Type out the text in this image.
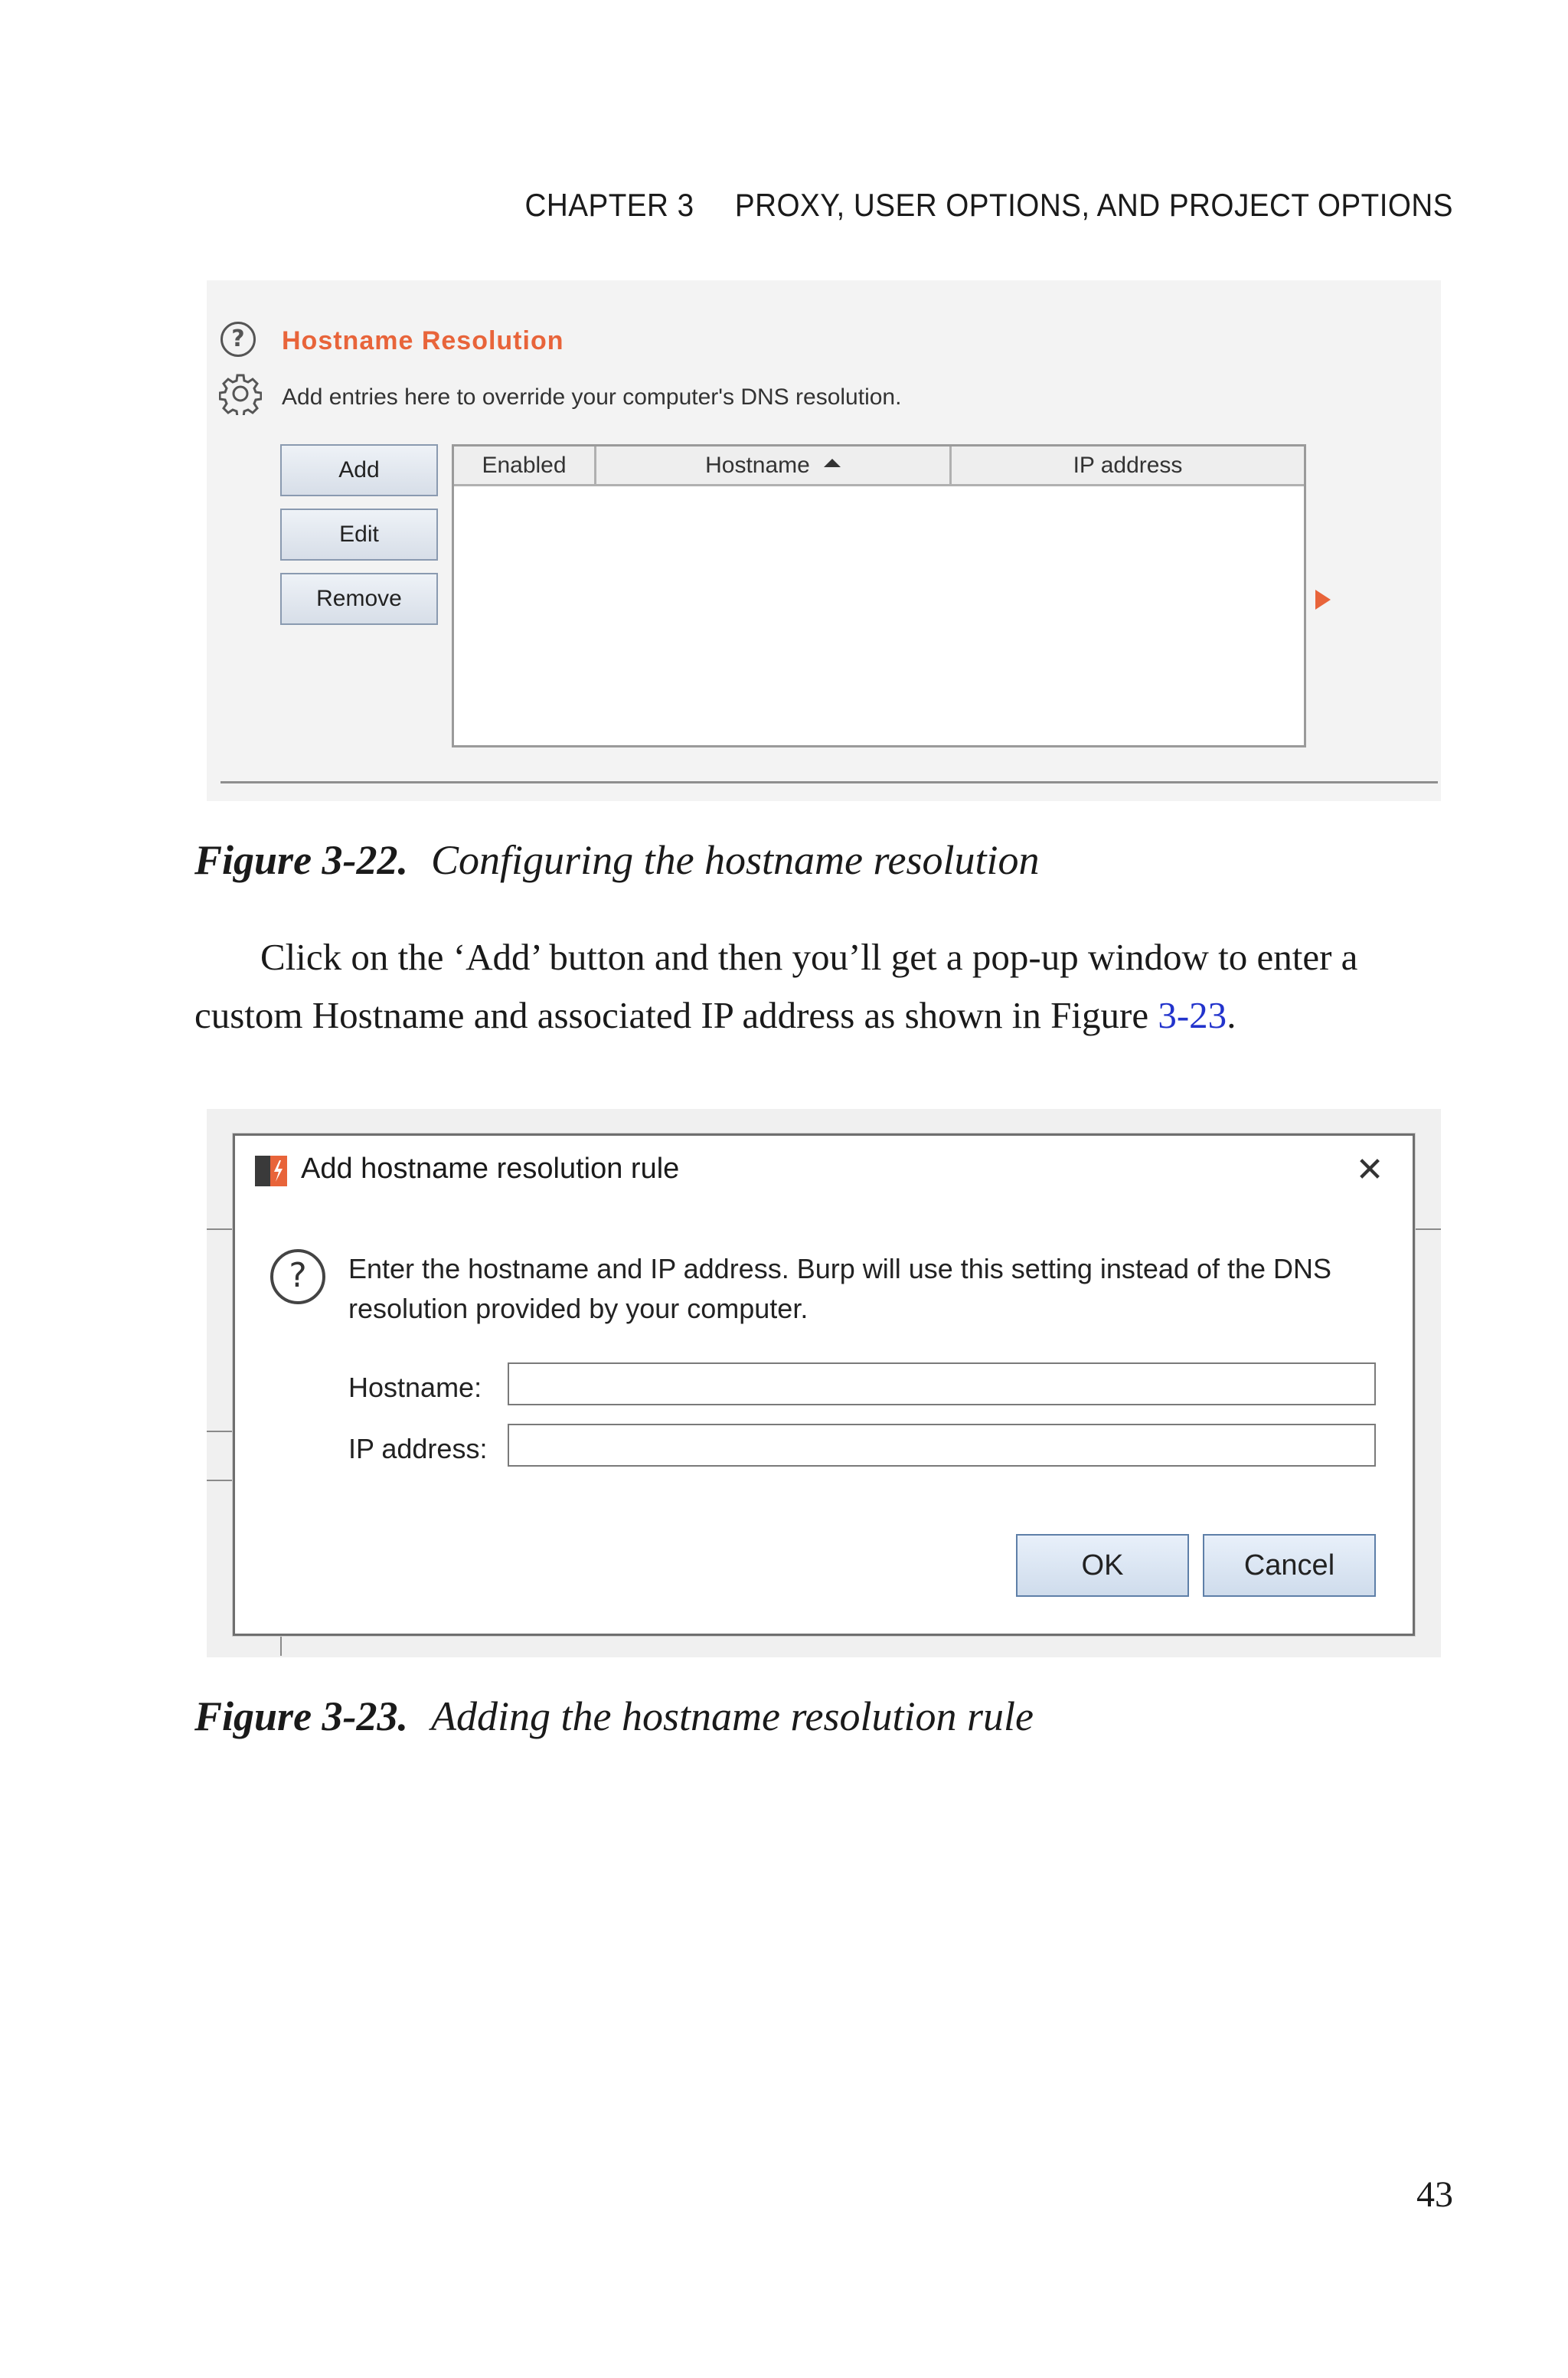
CHAPTER 3 PROXY, USER OPTIONS, AND PROJECT OPTIONS
?	Hostname Resolution
Add entries here to override your computer's DNS resolution.
Add
Edit
Remove
Enabled	Hostname	IP address
Figure 3-22. Configuring the hostname resolution
Click on the ‘Add’ button and then you’ll get a pop-up window to enter a custom Hostname and associated IP address as shown in Figure 3-23.
Add hostname resolution rule	✕
?	Enter the hostname and IP address. Burp will use this setting instead of the DNS resolution provided by your computer.
Hostname:
IP address:
OK	Cancel
Figure 3-23. Adding the hostname resolution rule
43
